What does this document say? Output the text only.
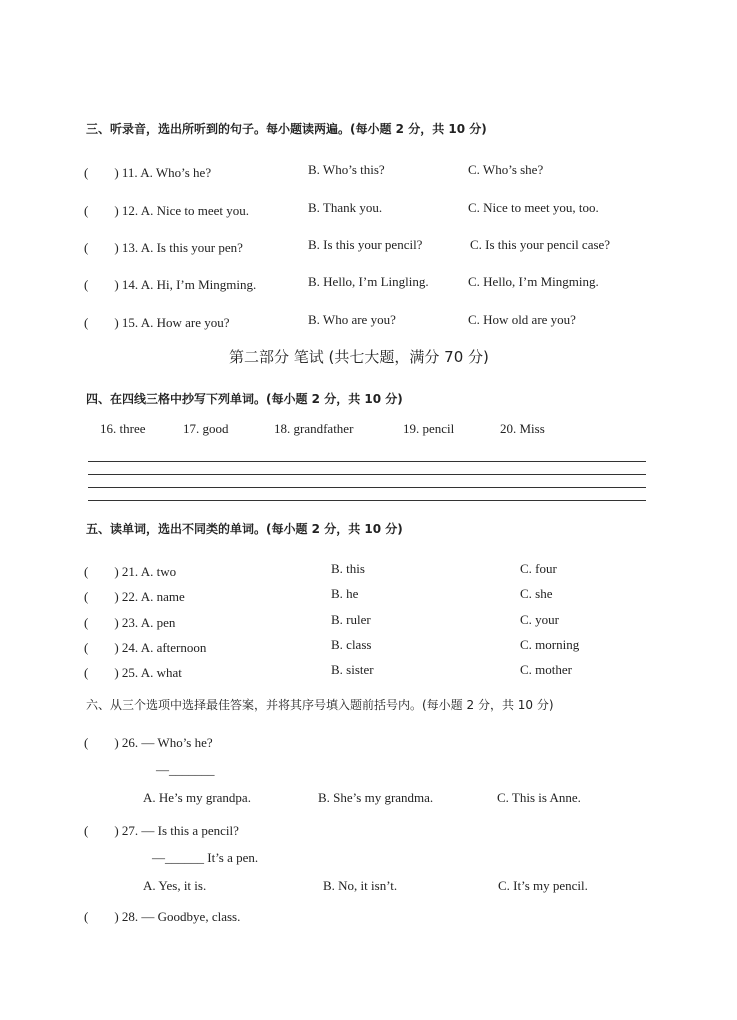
三、听录音，选出所听到的句子。每小题读两遍。(每小题 2 分，共 10 分)
(　　) 11. A. Who’s he?	B. Who’s this?	C. Who’s she?
(　　) 12. A. Nice to meet you.	B. Thank you.	C. Nice to meet you, too.
(　　) 13. A. Is this your pen?	B. Is this your pencil?	C. Is this your pencil case?
(　　) 14. A. Hi, I’m Mingming.	B. Hello, I’m Lingling.	C. Hello, I’m Mingming.
(　　) 15. A. How are you?	B. Who are you?	C. How old are you?
第二部分 笔试 (共七大题，满分 70 分)
四、在四线三格中抄写下列单词。(每小题 2 分，共 10 分)
16. three	17. good	18. grandfather	19. pencil	20. Miss
五、读单词，选出不同类的单词。(每小题 2 分，共 10 分)
(　　) 21. A. two	B. this	C. four
(　　) 22. A. name	B. he	C. she
(　　) 23. A. pen	B. ruler	C. your
(　　) 24. A. afternoon	B. class	C. morning
(　　) 25. A. what	B. sister	C. mother
六、从三个选项中选择最佳答案，并将其序号填入题前括号内。(每小题 2 分，共 10 分)
(　　) 26. — Who’s he?
—_______
A. He’s my grandpa.	B. She’s my grandma.	C. This is Anne.
(　　) 27. — Is this a pencil?
—______ It’s a pen.
A. Yes, it is.	B. No, it isn’t.	C. It’s my pencil.
(　　) 28. — Goodbye, class.
